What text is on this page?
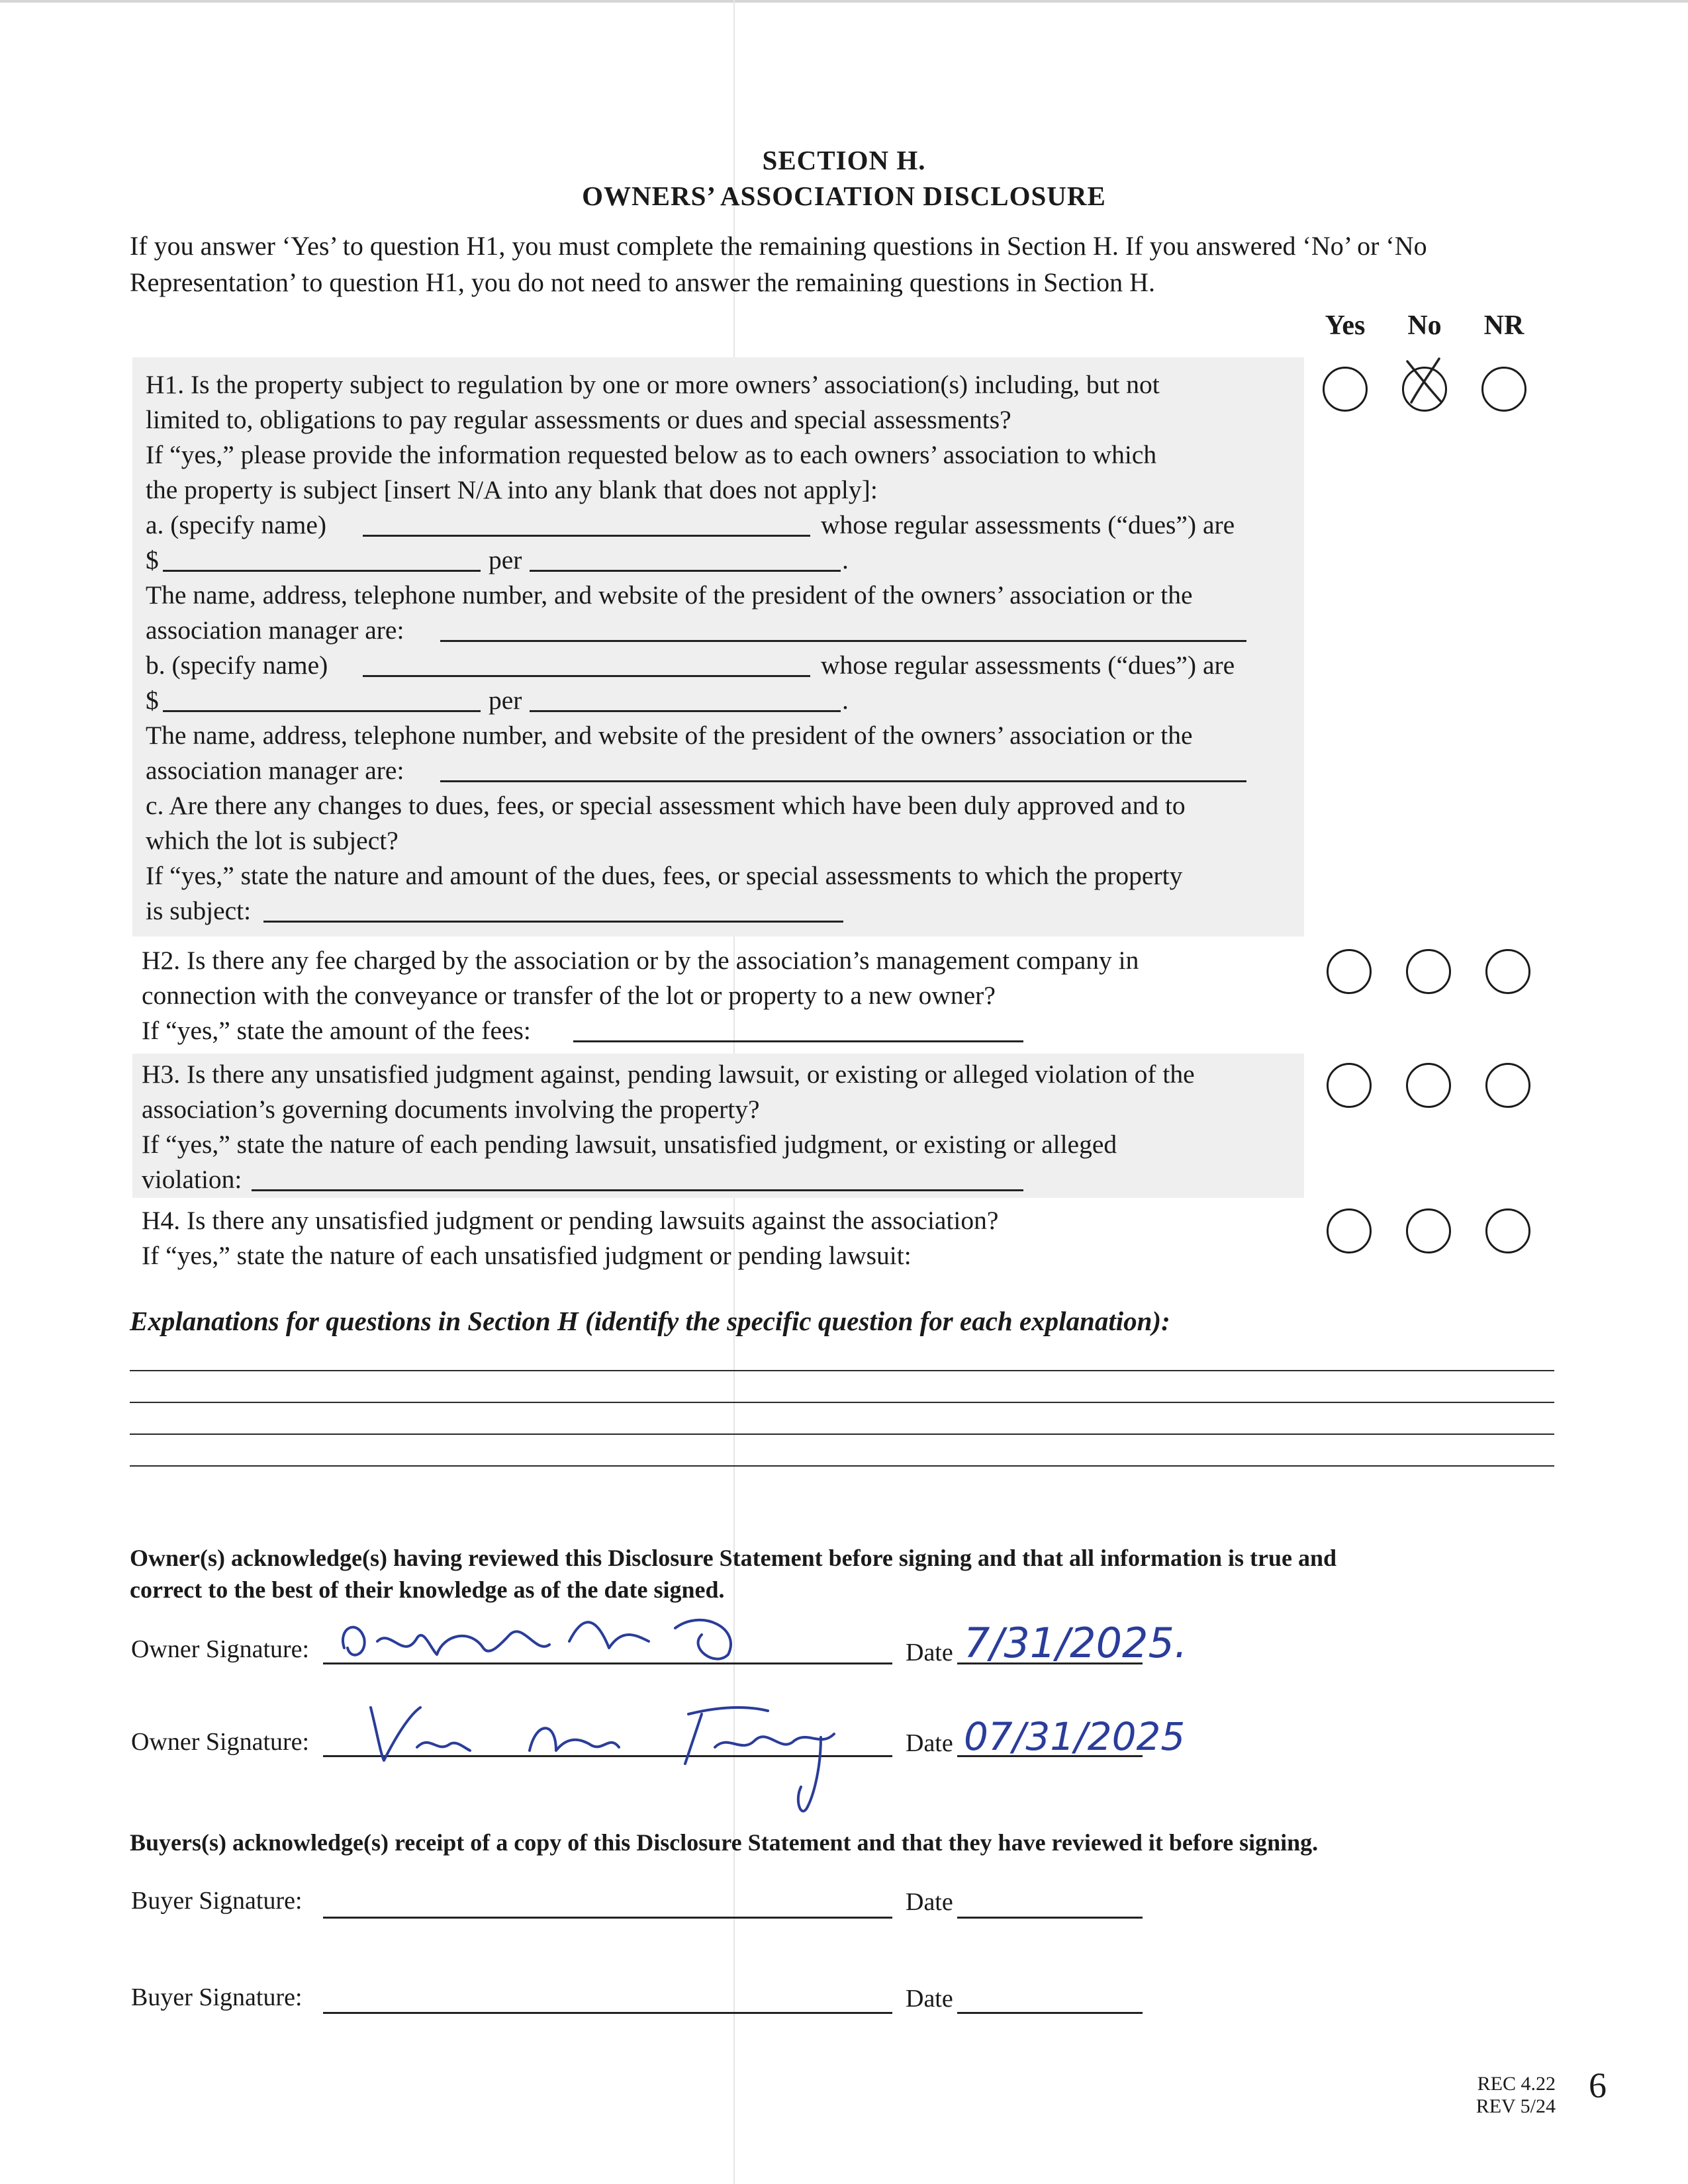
SECTION H.
OWNERS’ ASSOCIATION DISCLOSURE
If you answer ‘Yes’ to question H1, you must complete the remaining questions in Section H. If you answered ‘No’ or ‘No
Representation’ to question H1, you do not need to answer the remaining questions in Section H.
Yes	No	NR
H1. Is the property subject to regulation by one or more owners’ association(s) including, but not
limited to, obligations to pay regular assessments or dues and special assessments?
If “yes,” please provide the information requested below as to each owners’ association to which
the property is subject [insert N/A into any blank that does not apply]:
a. (specify name)	whose regular assessments (“dues”) are
$	per	.
The name, address, telephone number, and website of the president of the owners’ association or the
association manager are:
b. (specify name)	whose regular assessments (“dues”) are
$	per	.
The name, address, telephone number, and website of the president of the owners’ association or the
association manager are:
c. Are there any changes to dues, fees, or special assessment which have been duly approved and to
which the lot is subject?
If “yes,” state the nature and amount of the dues, fees, or special assessments to which the property
is subject:
H2. Is there any fee charged by the association or by the association’s management company in
connection with the conveyance or transfer of the lot or property to a new owner?
If “yes,” state the amount of the fees:
H3. Is there any unsatisfied judgment against, pending lawsuit, or existing or alleged violation of the
association’s governing documents involving the property?
If “yes,” state the nature of each pending lawsuit, unsatisfied judgment, or existing or alleged
violation:
H4. Is there any unsatisfied judgment or pending lawsuits against the association?
If “yes,” state the nature of each unsatisfied judgment or pending lawsuit:
Explanations for questions in Section H (identify the specific question for each explanation):
Owner(s) acknowledge(s) having reviewed this Disclosure Statement before signing and that all information is true and
correct to the best of their knowledge as of the date signed.
Owner Signature:	Date 7/31/2025.
Owner Signature:	Date 07/31/2025
Buyers(s) acknowledge(s) receipt of a copy of this Disclosure Statement and that they have reviewed it before signing.
Buyer Signature:	Date
Buyer Signature:	Date
REC 4.22
REV 5/24
6
